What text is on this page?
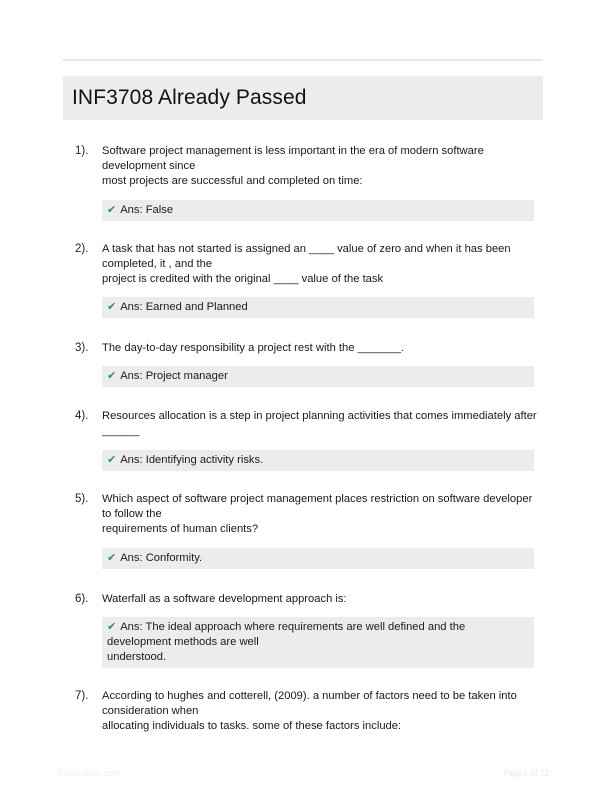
INF3708 Already Passed
1). Software project management is less important in the era of modern software development since
most projects are successful and completed on time:
✔ Ans: False
2). A task that has not started is assigned an ____ value of zero and when it has been completed, it , and the
project is credited with the original ____ value of the task
✔ Ans: Earned and Planned
3). The day-to-day responsibility a project rest with the _______.
✔ Ans: Project manager
4). Resources allocation is a step in project planning activities that comes immediately after
______
✔ Ans: Identifying activity risks.
5). Which aspect of software project management places restriction on software developer to follow the
requirements of human clients?
✔ Ans: Conformity.
6). Waterfall as a software development approach is:
✔ Ans: The ideal approach where requirements are well defined and the development methods are well
understood.
7). According to hughes and cotterell, (2009). a number of factors need to be taken into consideration when
allocating individuals to tasks. some of these factors include:
Papersbee.com	Page 1 of 12
